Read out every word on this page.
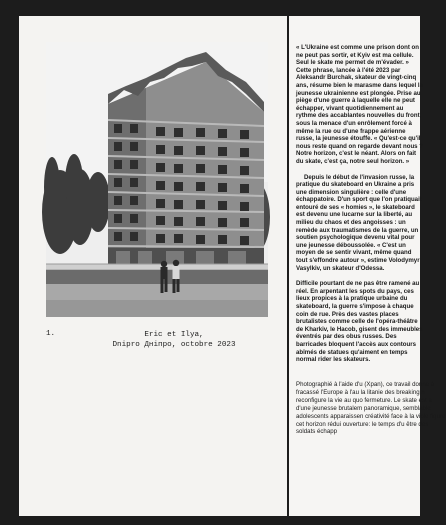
1.	Eric et Ilya,
Dnipro Дніпро, octobre 2023

« L'Ukraine est comme une prison dont on ne peut pas sortir, et Kyiv est ma cellule. Seul le skate me permet de m'évader. » Cette phrase, lancée à l'été 2023 par Aleksandr Burchak, skateur de vingt-cinq ans, résume bien le marasme dans lequel la jeunesse ukrainienne est plongée. Prise au piège d'une guerre à laquelle elle ne peut échapper, vivant quotidiennement au rythme des accablantes nouvelles du front, sous la menace d'un enrôlement forcé à même la rue ou d'une frappe aérienne russe, la jeunesse étouffe. « Qu'est-ce qu'il nous reste quand on regarde devant nous ? Notre horizon, c'est le néant. Alors on fait du skate, c'est ça, notre seul horizon. »

Depuis le début de l'invasion russe, la pratique du skateboard en Ukraine a pris une dimension singulière : celle d'une échappatoire. D'un sport que l'on pratiquait entouré de ses « homies », le skateboard est devenu une lucarne sur la liberté, au milieu du chaos et des angoisses : un remède aux traumatismes de la guerre, un soutien psychologique devenu vital pour une jeunesse déboussolée. « C'est un moyen de se sentir vivant, même quand tout s'effondre autour », estime Volodymyr Vasylkiv, un skateur d'Odessa.

Difficile pourtant de ne pas être ramené au réel. En arpentant les spots du pays, ces lieux propices à la pratique urbaine du skateboard, la guerre s'impose à chaque coin de rue. Près des vastes places brutalistes comme celle de l'opéra-théâtre de Kharkiv, le Hacob, gisent des immeubles éventrés par des obus russes. Des barricades bloquent l'accès aux contours abîmés de statues qu'aiment en temps normal rider les skateurs.

Photographié à l'aide d'u (Xpan), ce travail donne à fracassé l'Europe à l'au la litanie des breaking n reconfigure la vie au quo fermeture. Le skate est a d'une jeunesse brutalem panoramique, semblable adolescents apparaissen créativité face à la viole figure cet horizon rédui ouverture: le temps d'u être des soldats échapp
